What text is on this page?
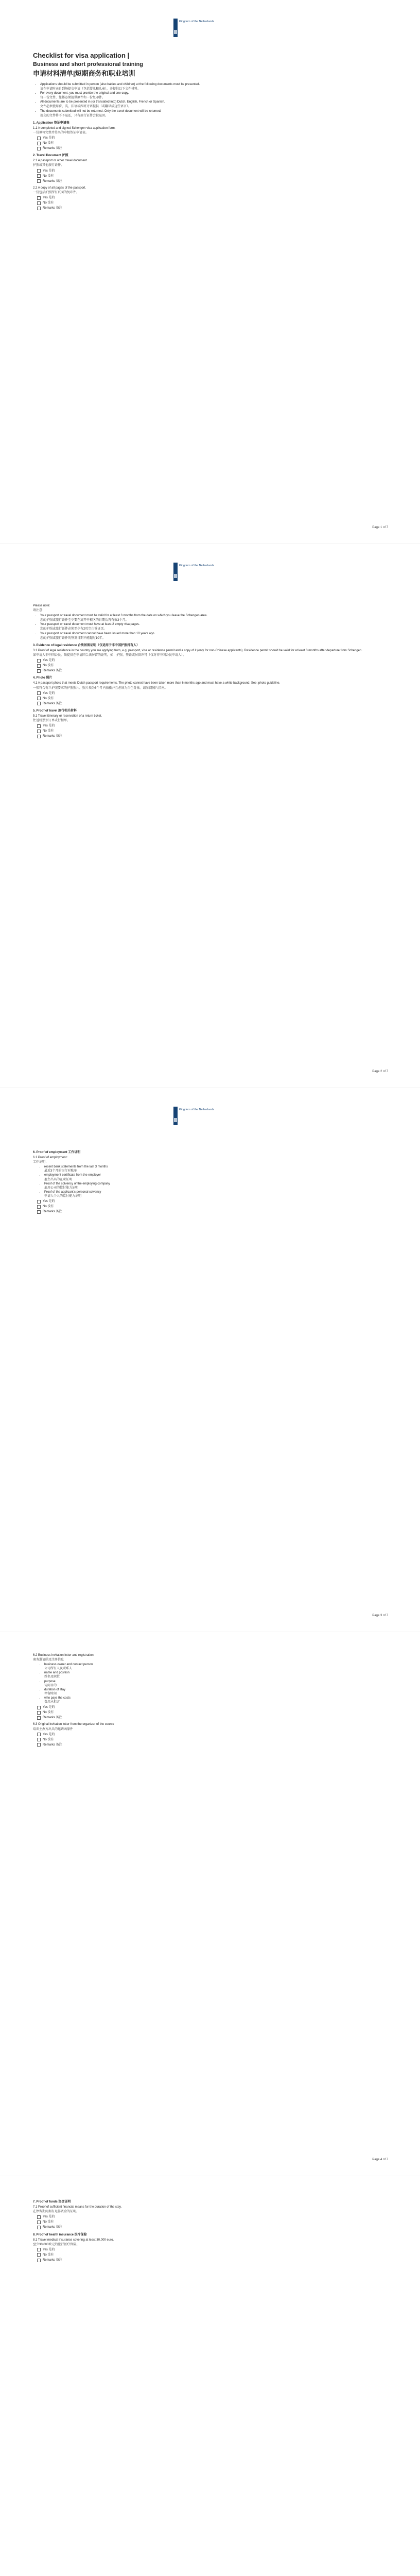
Kingdom of the Netherlands
Checklist for visa application |
Business and short professional training
申请材料清单|短期商务和职业培训
• Applications should be submitted in person (also babies and children) at the following documents must be presented.
请在申请时亲自到场提交申请（包括婴儿和儿童），并提供以下文件材料。
• For every document, you must provide the original and one copy.
每一份文件，您都必须提供原件和一份复印件。
• All documents are to be presented in (or translated into) Dutch, English, French or Spanish.
文件必须使用荷、英、法语或西班牙语提供（或翻译成这些语言）。
• The documents submitted will not be returned. Only the travel document will be returned.
提交的文件将不予退还，只有旅行证件会被退回。
1. Application 签证申请表
1.1 A completed and signed Schengen visa application form.
一份填写完整并签名的申根签证申请表。
Yes 是的
No 没有
Remarks 备注
2. Travel Document 护照
2.1 A passport or other travel document.
护照或其他旅行证件。
Yes 是的
No 没有
Remarks 备注
2.2 A copy of all pages of the passport.
一份包括护照所有页面的复印件。
Yes 是的
No 没有
Remarks 备注
Page 1 of 7
Kingdom of the Netherlands
Please note:
请注意：
• Your passport or travel document must be valid for at least 3 months from the date on which you leave the Schengen area.
您的护照或旅行证件至少要在离开申根区的日期后再有效3个月。
• Your passport or travel document must have at least 2 empty visa pages.
您的护照或旅行证件必须至少有2页空白签证页。
• Your passport or travel document cannot have been issued more than 10 years ago.
您的护照或旅行证件的签发日期不能超过10年。
3. Evidence of legal residence 合法居留证明（仅适用于非中国护照持有人）
3.1 Proof of legal residence in the country you are applying from, e.g. passport, visa or residence permit and a copy of it (only for non-Chinese applicants). Residence permit should be valid for at least 3 months after departure from Schengen.
如申请人非中国公民，须提供在申请国合法居留的证明，如：护照、签证或居留许可（仅对非中国公民申请人）。
Yes 是的
No 没有
Remarks 备注
4. Photo 照片
4.1 A passport photo that meets Dutch passport requirements. The photo cannot have been taken more than 6 months ago and must have a white background. See: photo guideline.
一张符合荷兰护照要求的护照照片。照片须为6个月内拍摄并且必须为白色背景。请参阅照片指南。
Yes 是的
No 没有
Remarks 备注
5. Proof of travel 旅行相关材料
5.1 Travel itinerary or reservation of a return ticket.
往返机票预订单或行程单。
Yes 是的
No 没有
Remarks 备注
Page 2 of 7
Kingdom of the Netherlands
6. Proof of employment 工作证明
6.1 Proof of employment:
工作证明：
• recent bank statements from the last 3 months
最近3个月的银行对账单
• employment certificate from the employer
雇主出具的在职证明
• Proof of the solvency of the employing company
雇用公司的偿付能力证明
• Proof of the applicant's personal solvency
申请人个人的偿付能力证明
Yes 是的
No 没有
Remarks 备注
Page 3 of 7
6.2 Business invitation letter and registration
商务邀请函及注册信息
• business owner and contact person
公司所有人及联系人
• name and position
姓名及职位
• purpose
访问目的
• duration of stay
停留时间
• who pays the costs
费用承担方
Yes 是的
No 没有
Remarks 备注
6.3 Original invitation letter from the organizer of the course
培训主办方出具的邀请函原件
Yes 是的
No 没有
Remarks 备注
Page 4 of 7
7. Proof of funds 资金证明
7.1 Proof of sufficient financial means for the duration of the stay.
在停留期间拥有足够资金的证明。
Yes 是的
No 没有
Remarks 备注
8. Proof of health insurance 医疗保险
8.1 Travel medical insurance covering at least 30,000 euro.
至少30,000欧元的旅行医疗保险。
Yes 是的
No 没有
Remarks 备注
